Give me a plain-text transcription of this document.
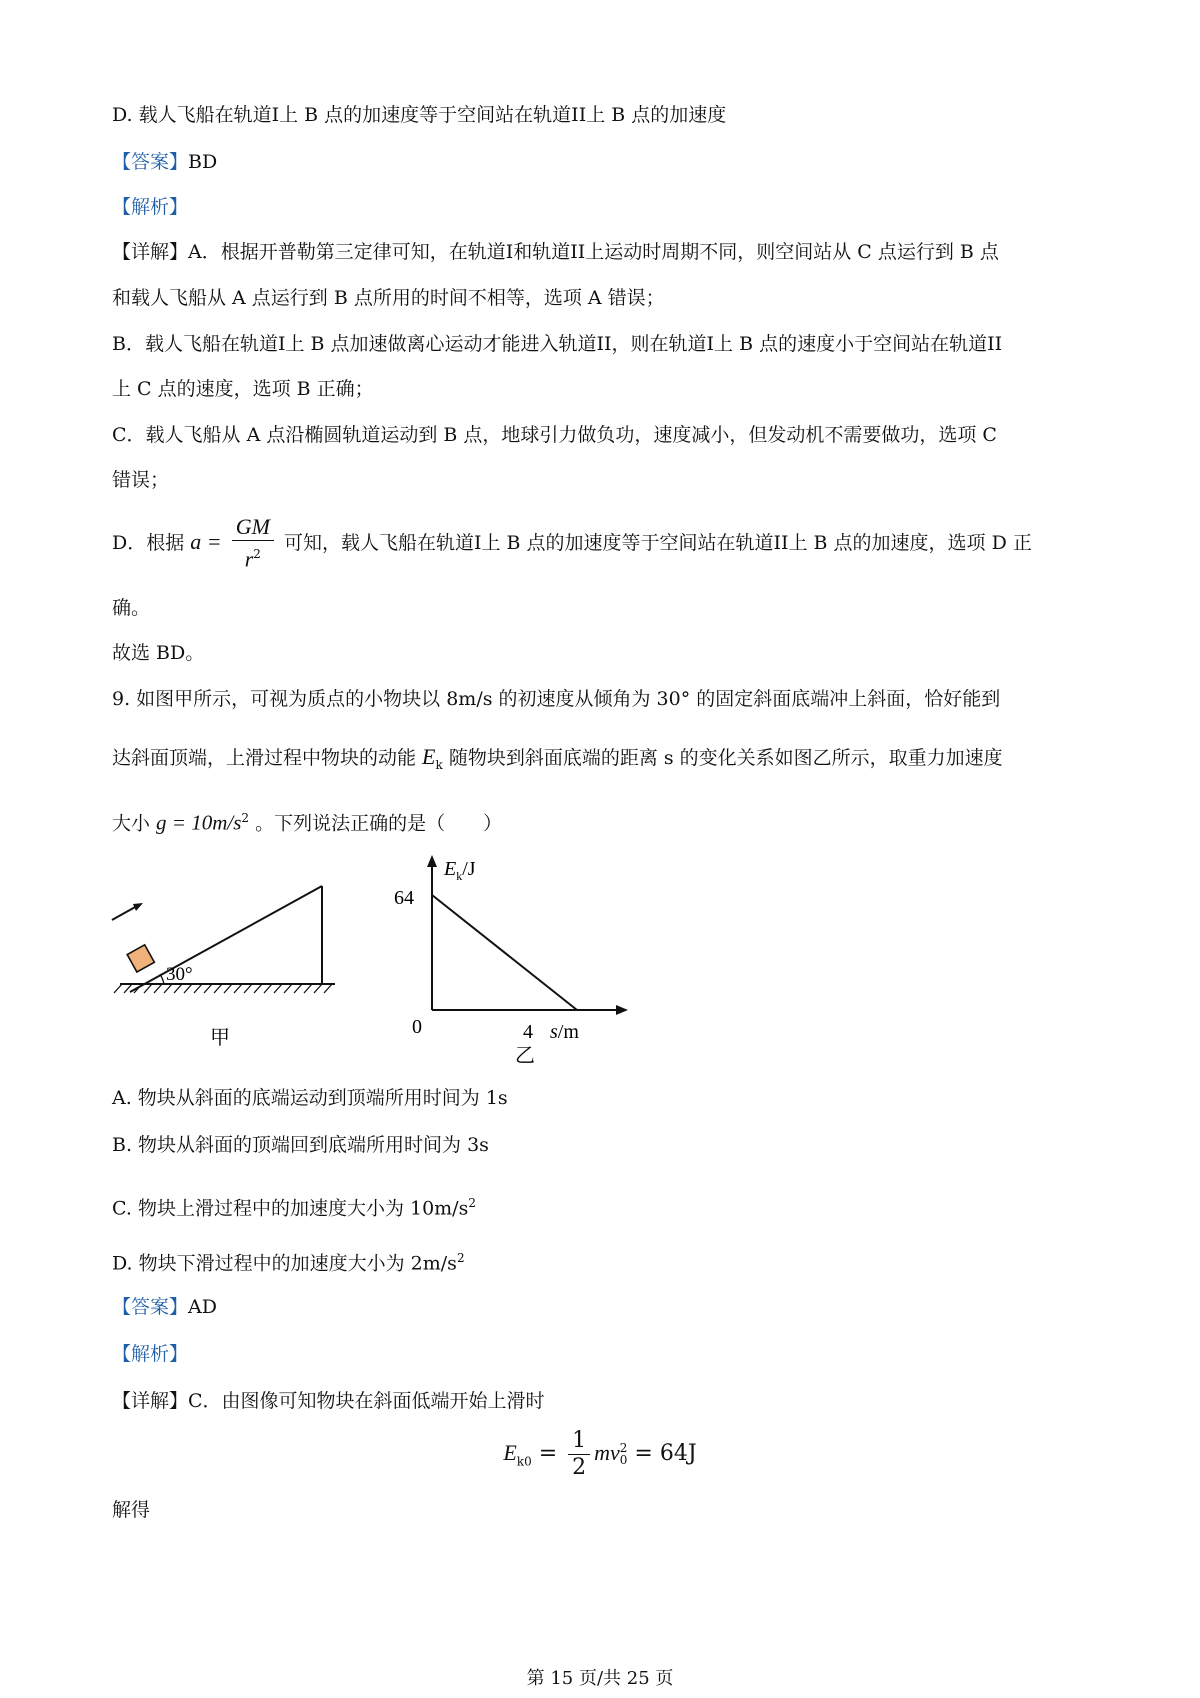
D. 载人飞船在轨道I上 B 点的加速度等于空间站在轨道II上 B 点的加速度
【答案】BD
【解析】
【详解】A．根据开普勒第三定律可知，在轨道I和轨道II上运动时周期不同，则空间站从 C 点运行到 B 点
和载人飞船从 A 点运行到 B 点所用的时间不相等，选项 A 错误；
B．载人飞船在轨道I上 B 点加速做离心运动才能进入轨道II，则在轨道I上 B 点的速度小于空间站在轨道II
上 C 点的速度，选项 B 正确；
C．载人飞船从 A 点沿椭圆轨道运动到 B 点，地球引力做负功，速度减小，但发动机不需要做功，选项 C
错误；
D．根据 $a = \frac{GM}{r^2}$ 可知，载人飞船在轨道I上 B 点的加速度等于空间站在轨道II上 B 点的加速度，选项 D 正
确。
故选 BD。
9. 如图甲所示，可视为质点的小物块以 8m/s 的初速度从倾角为 30° 的固定斜面底端冲上斜面，恰好能到
达斜面顶端，上滑过程中物块的动能 $E_k$ 随物块到斜面底端的距离 s 的变化关系如图乙所示，取重力加速度
大小 $g = 10m/s^2$ 。下列说法正确的是（　　）
30°
甲
$E_k/J$
64
0	4 s/m
乙
A. 物块从斜面的底端运动到顶端所用时间为 1s
B. 物块从斜面的顶端回到底端所用时间为 3s
C. 物块上滑过程中的加速度大小为 $10m/s^2$
D. 物块下滑过程中的加速度大小为 $2m/s^2$
【答案】AD
【解析】
【详解】C．由图像可知物块在斜面低端开始上滑时
$E_{k0} = \frac{1}{2}$ mv 2
0 = 64J
解得
第 15 页/共 25 页
